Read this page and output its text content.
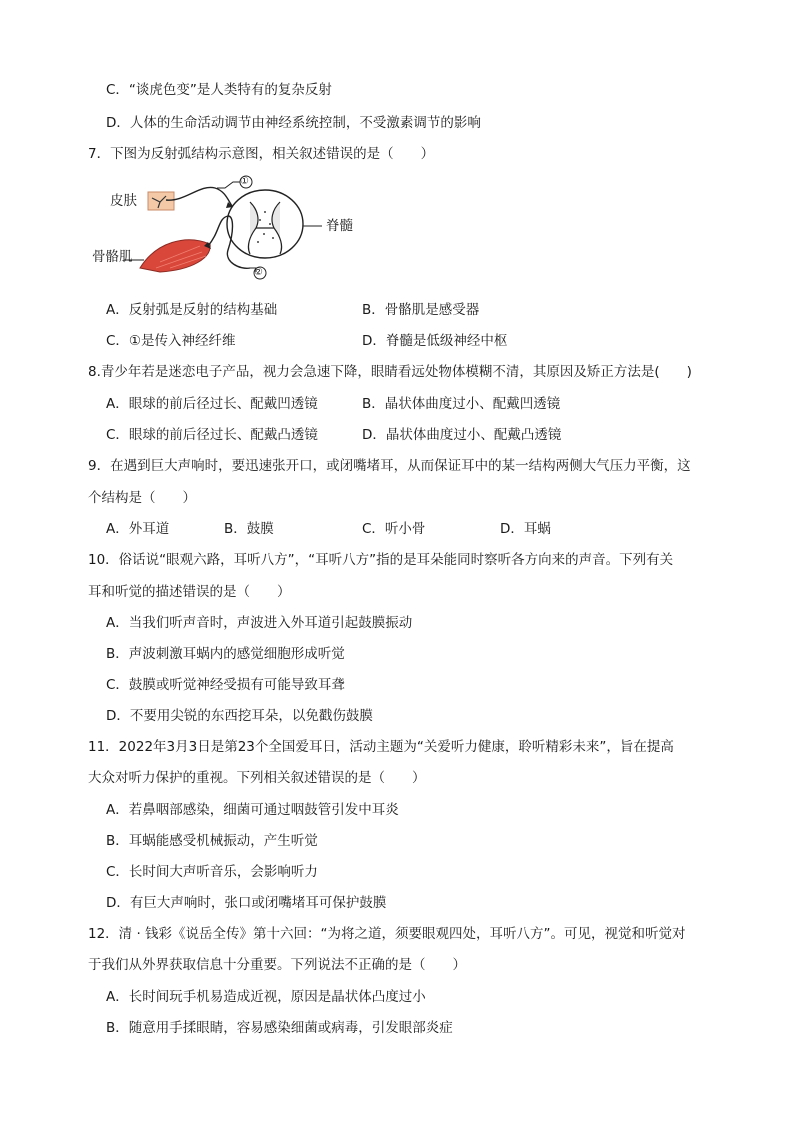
C．“谈虎色变”是人类特有的复杂反射
D．人体的生命活动调节由神经系统控制，不受激素调节的影响
7．下图为反射弧结构示意图，相关叙述错误的是（　　）
皮肤
骨骼肌
脊髓
①
②
A．反射弧是反射的结构基础	B．骨骼肌是感受器
C．①是传入神经纤维	D．脊髓是低级神经中枢
8.青少年若是迷恋电子产品，视力会急速下降，眼睛看远处物体模糊不清，其原因及矫正方法是(　　)
A．眼球的前后径过长、配戴凹透镜	B．晶状体曲度过小、配戴凹透镜
C．眼球的前后径过长、配戴凸透镜	D．晶状体曲度过小、配戴凸透镜
9．在遇到巨大声响时，要迅速张开口，或闭嘴堵耳，从而保证耳中的某一结构两侧大气压力平衡，这
个结构是（　　）
A．外耳道	B．鼓膜	C．听小骨	D．耳蜗
10．俗话说“眼观六路，耳听八方”，“耳听八方”指的是耳朵能同时察听各方向来的声音。下列有关
耳和听觉的描述错误的是（　　）
A．当我们听声音时，声波进入外耳道引起鼓膜振动
B．声波刺激耳蜗内的感觉细胞形成听觉
C．鼓膜或听觉神经受损有可能导致耳聋
D．不要用尖锐的东西挖耳朵，以免戳伤鼓膜
11．2022年3月3日是第23个全国爱耳日，活动主题为“关爱听力健康，聆听精彩未来”，旨在提高
大众对听力保护的重视。下列相关叙述错误的是（　　）
A．若鼻咽部感染，细菌可通过咽鼓管引发中耳炎
B．耳蜗能感受机械振动，产生听觉
C．长时间大声听音乐，会影响听力
D．有巨大声响时，张口或闭嘴堵耳可保护鼓膜
12．清 · 钱彩《说岳全传》第十六回：“为将之道，须要眼观四处，耳听八方”。可见，视觉和听觉对
于我们从外界获取信息十分重要。下列说法不正确的是（　　）
A．长时间玩手机易造成近视，原因是晶状体凸度过小
B．随意用手揉眼睛，容易感染细菌或病毒，引发眼部炎症
